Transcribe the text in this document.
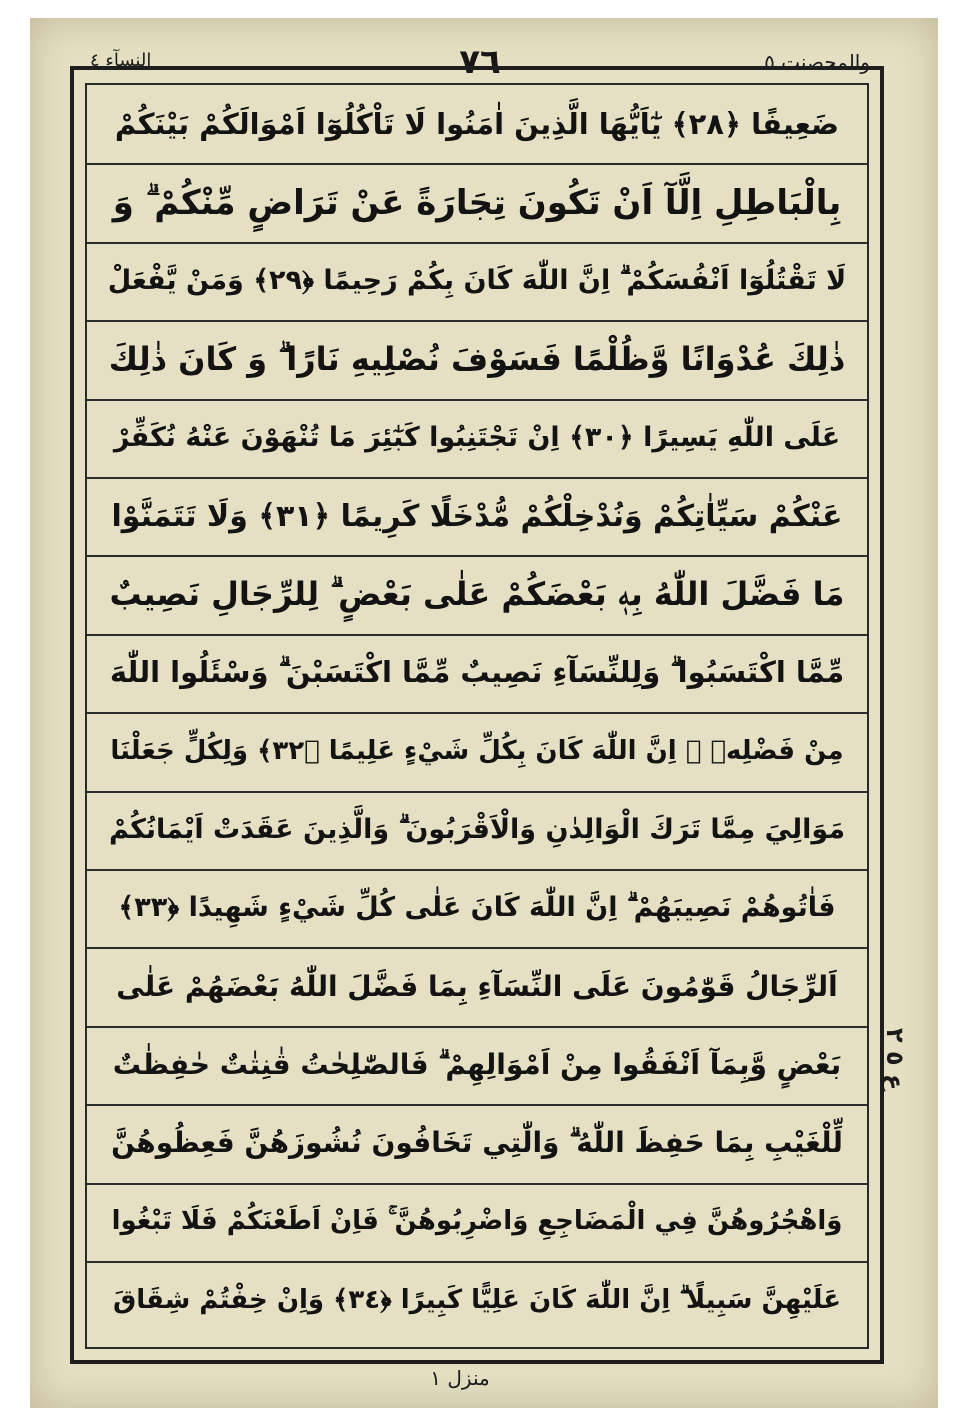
والمحصنت ٥
٧٦
النسآء ٤
ضَعِيفًا ﴿٢٨﴾ يٰٓاَيُّهَا الَّذِينَ اٰمَنُوا لَا تَاْكُلُوٓا اَمْوَالَكُمْ بَيْنَكُمْ
بِالْبَاطِلِ اِلَّآ اَنْ تَكُونَ تِجَارَةً عَنْ تَرَاضٍ مِّنْكُمْ ۗ وَ
لَا تَقْتُلُوٓا اَنْفُسَكُمْ ۗ اِنَّ اللّٰهَ كَانَ بِكُمْ رَحِيمًا ﴿٢٩﴾ وَمَنْ يَّفْعَلْ
ذٰلِكَ عُدْوَانًا وَّظُلْمًا فَسَوْفَ نُصْلِيهِ نَارًا ۗ وَ كَانَ ذٰلِكَ
عَلَى اللّٰهِ يَسِيرًا ﴿٣٠﴾ اِنْ تَجْتَنِبُوا كَبٰٓئِرَ مَا تُنْهَوْنَ عَنْهُ نُكَفِّرْ
عَنْكُمْ سَيِّاٰتِكُمْ وَنُدْخِلْكُمْ مُّدْخَلًا كَرِيمًا ﴿٣١﴾ وَلَا تَتَمَنَّوْا
مَا فَضَّلَ اللّٰهُ بِهٖ بَعْضَكُمْ عَلٰى بَعْضٍ ۗ لِلرِّجَالِ نَصِيبٌ
مِّمَّا اكْتَسَبُوا ۗ وَلِلنِّسَآءِ نَصِيبٌ مِّمَّا اكْتَسَبْنَ ۗ وَسْئَلُوا اللّٰهَ
مِنْ فَضْلِهٖ ۗ اِنَّ اللّٰهَ كَانَ بِكُلِّ شَيْءٍ عَلِيمًا ﴿٣٢﴾ وَلِكُلٍّ جَعَلْنَا
مَوَالِيَ مِمَّا تَرَكَ الْوَالِدٰنِ وَالْاَقْرَبُونَ ۗ وَالَّذِينَ عَقَدَتْ اَيْمَانُكُمْ
فَاٰتُوهُمْ نَصِيبَهُمْ ۗ اِنَّ اللّٰهَ كَانَ عَلٰى كُلِّ شَيْءٍ شَهِيدًا ﴿٣٣﴾
اَلرِّجَالُ قَوّٰمُونَ عَلَى النِّسَآءِ بِمَا فَضَّلَ اللّٰهُ بَعْضَهُمْ عَلٰى
بَعْضٍ وَّبِمَآ اَنْفَقُوا مِنْ اَمْوَالِهِمْ ۗ فَالصّٰلِحٰتُ قٰنِتٰتٌ حٰفِظٰتٌ
لِّلْغَيْبِ بِمَا حَفِظَ اللّٰهُ ۗ وَالّٰتِي تَخَافُونَ نُشُوزَهُنَّ فَعِظُوهُنَّ
وَاهْجُرُوهُنَّ فِي الْمَضَاجِعِ وَاضْرِبُوهُنَّ ۚ فَاِنْ اَطَعْنَكُمْ فَلَا تَبْغُوا
عَلَيْهِنَّ سَبِيلًا ۗ اِنَّ اللّٰهَ كَانَ عَلِيًّا كَبِيرًا ﴿٣٤﴾ وَاِنْ خِفْتُمْ شِقَاقَ
ع ٥ ٢
منزل ١
